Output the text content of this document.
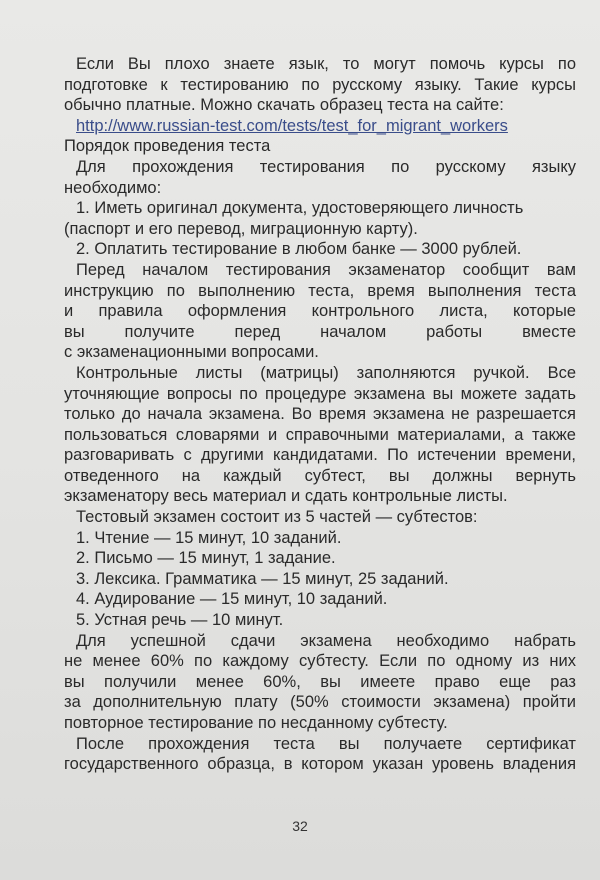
Если Вы плохо знаете язык, то могут помочь курсы по
подготовке к тестированию по русскому языку. Такие курсы
обычно платные. Можно скачать образец теста на сайте:
http://www.russian-test.com/tests/test_for_migrant_workers
Порядок проведения теста
Для прохождения тестирования по русскому языку
необходимо:
1. Иметь оригинал документа, удостоверяющего личность
(паспорт и его перевод, миграционную карту).
2. Оплатить тестирование в любом банке — 3000 рублей.
Перед началом тестирования экзаменатор сообщит вам
инструкцию по выполнению теста, время выполнения теста
и правила оформления контрольного листа, которые
вы получите перед началом работы вместе
с экзаменационными вопросами.
Контрольные листы (матрицы) заполняются ручкой. Все
уточняющие вопросы по процедуре экзамена вы можете задать
только до начала экзамена. Во время экзамена не разрешается
пользоваться словарями и справочными материалами, а также
разговаривать с другими кандидатами. По истечении времени,
отведенного на каждый субтест, вы должны вернуть
экзаменатору весь материал и сдать контрольные листы.
Тестовый экзамен состоит из 5 частей — субтестов:
1. Чтение — 15 минут, 10 заданий.
2. Письмо — 15 минут, 1 задание.
3. Лексика. Грамматика — 15 минут, 25 заданий.
4. Аудирование — 15 минут, 10 заданий.
5. Устная речь — 10 минут.
Для успешной сдачи экзамена необходимо набрать
не менее 60% по каждому субтесту. Если по одному из них
вы получили менее 60%, вы имеете право еще раз
за дополнительную плату (50% стоимости экзамена) пройти
повторное тестирование по несданному субтесту.
После прохождения теста вы получаете сертификат
государственного образца, в котором указан уровень владения
32
